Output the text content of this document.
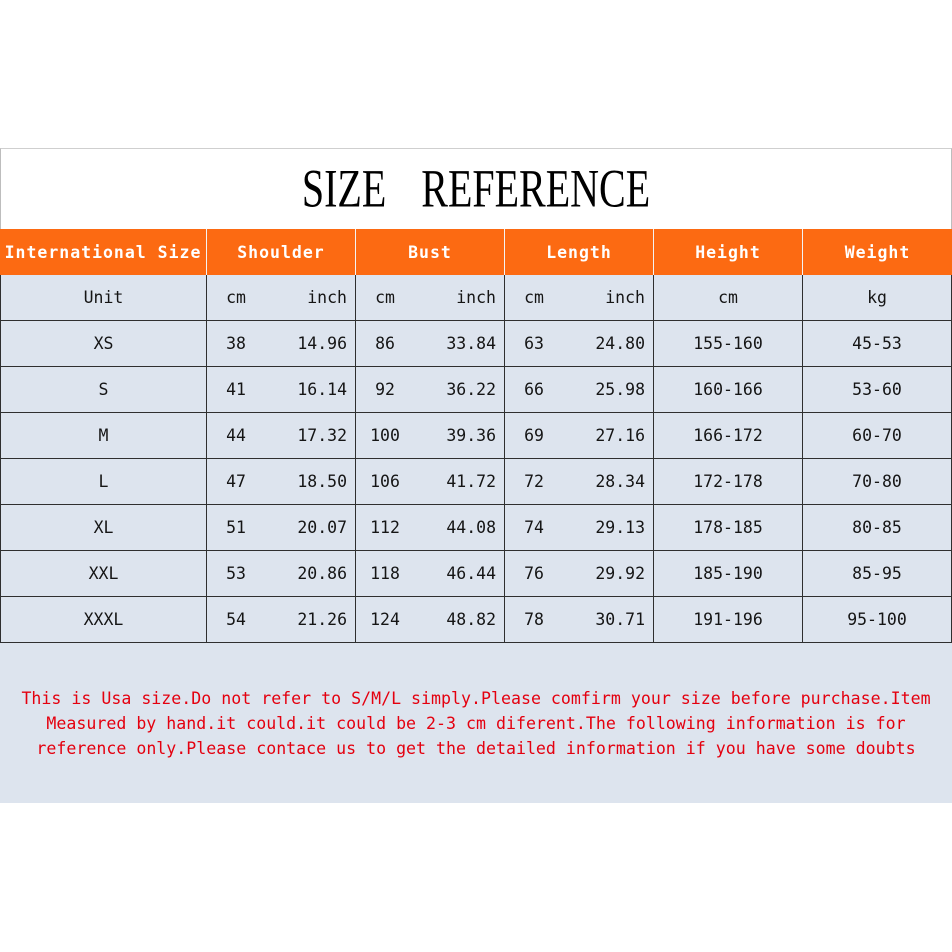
SIZE REFERENCE
International Size	Shoulder	Bust	Length	Height	Weight
Unit	cm	inch	cm	inch	cm	inch	cm	kg
XS	38	14.96	86	33.84	63	24.80	155-160	45-53
S	41	16.14	92	36.22	66	25.98	160-166	53-60
M	44	17.32	100	39.36	69	27.16	166-172	60-70
L	47	18.50	106	41.72	72	28.34	172-178	70-80
XL	51	20.07	112	44.08	74	29.13	178-185	80-85
XXL	53	20.86	118	46.44	76	29.92	185-190	85-95
XXXL	54	21.26	124	48.82	78	30.71	191-196	95-100
This is Usa size.Do not refer to S/M/L simply.Please comfirm your size before purchase.Item
Measured by hand.it could.it could be 2-3 cm diferent.The following information is for
reference only.Please contace us to get the detailed information if you have some doubts
